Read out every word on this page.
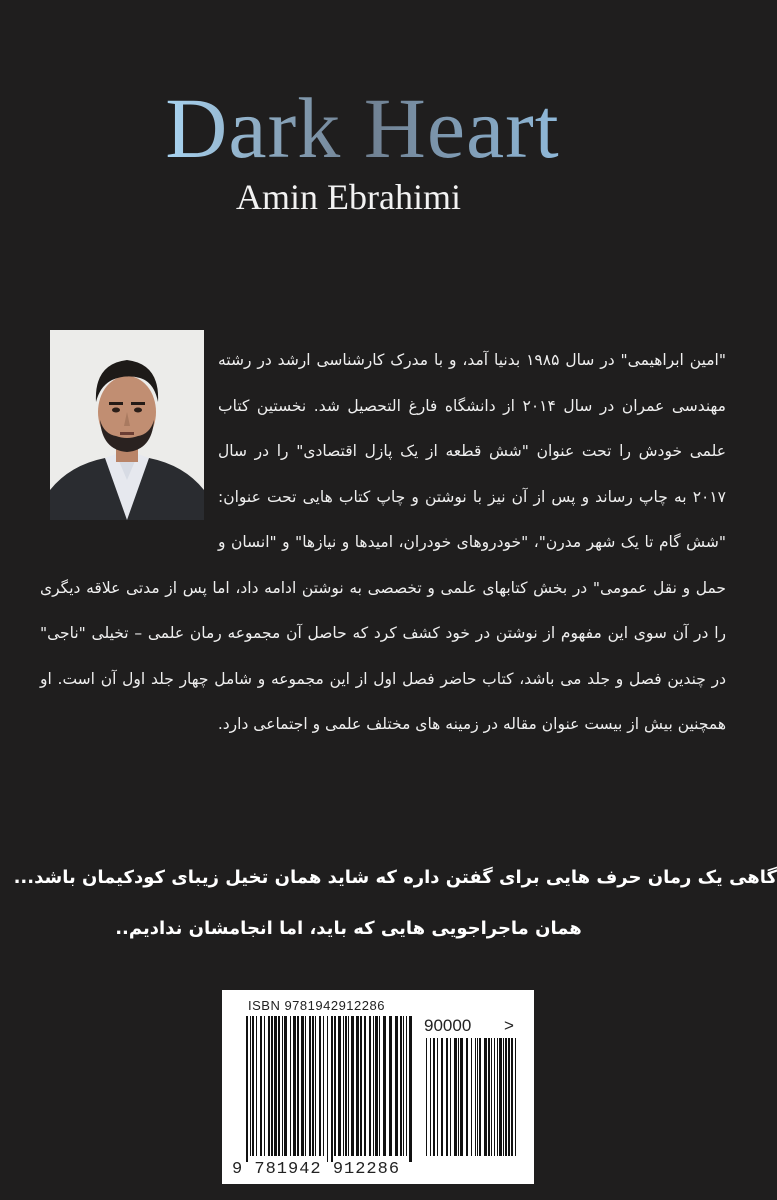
Dark Heart
Amin Ebrahimi
"امین ابراهیمی" در سال ۱۹۸۵ بدنیا آمد، و با مدرک کارشناسی ارشد در رشته مهندسی عمران در سال ۲۰۱۴ از دانشگاه فارغ التحصیل شد. نخستین کتاب علمی خودش را تحت عنوان "شش قطعه از یک پازل اقتصادی" را در سال ۲۰۱۷ به چاپ رساند و پس از آن نیز با نوشتن و چاپ کتاب هایی تحت عنوان: "شش گام تا یک شهر مدرن"، "خودروهای خودران، امیدها و نیازها" و "انسان و حمل و نقل عمومی" در بخش کتابهای علمی و تخصصی به نوشتن ادامه داد، اما پس از مدتی علاقه دیگری را در آن سوی این مفهوم از نوشتن در خود کشف کرد که حاصل آن مجموعه رمان علمی – تخیلی "ناجی" در چندین فصل و جلد می باشد، کتاب حاضر فصل اول از این مجموعه و شامل چهار جلد اول آن است. او همچنین بیش از بیست عنوان مقاله در زمینه های مختلف علمی و اجتماعی دارد.
گاهی یک رمان حرف هایی برای گفتن داره که شاید همان تخیل زیبای کودکیمان باشد...
همان ماجراجویی هایی که باید، اما انجامشان ندادیم..
ISBN 9781942912286
90000 >
9 781942 912286
